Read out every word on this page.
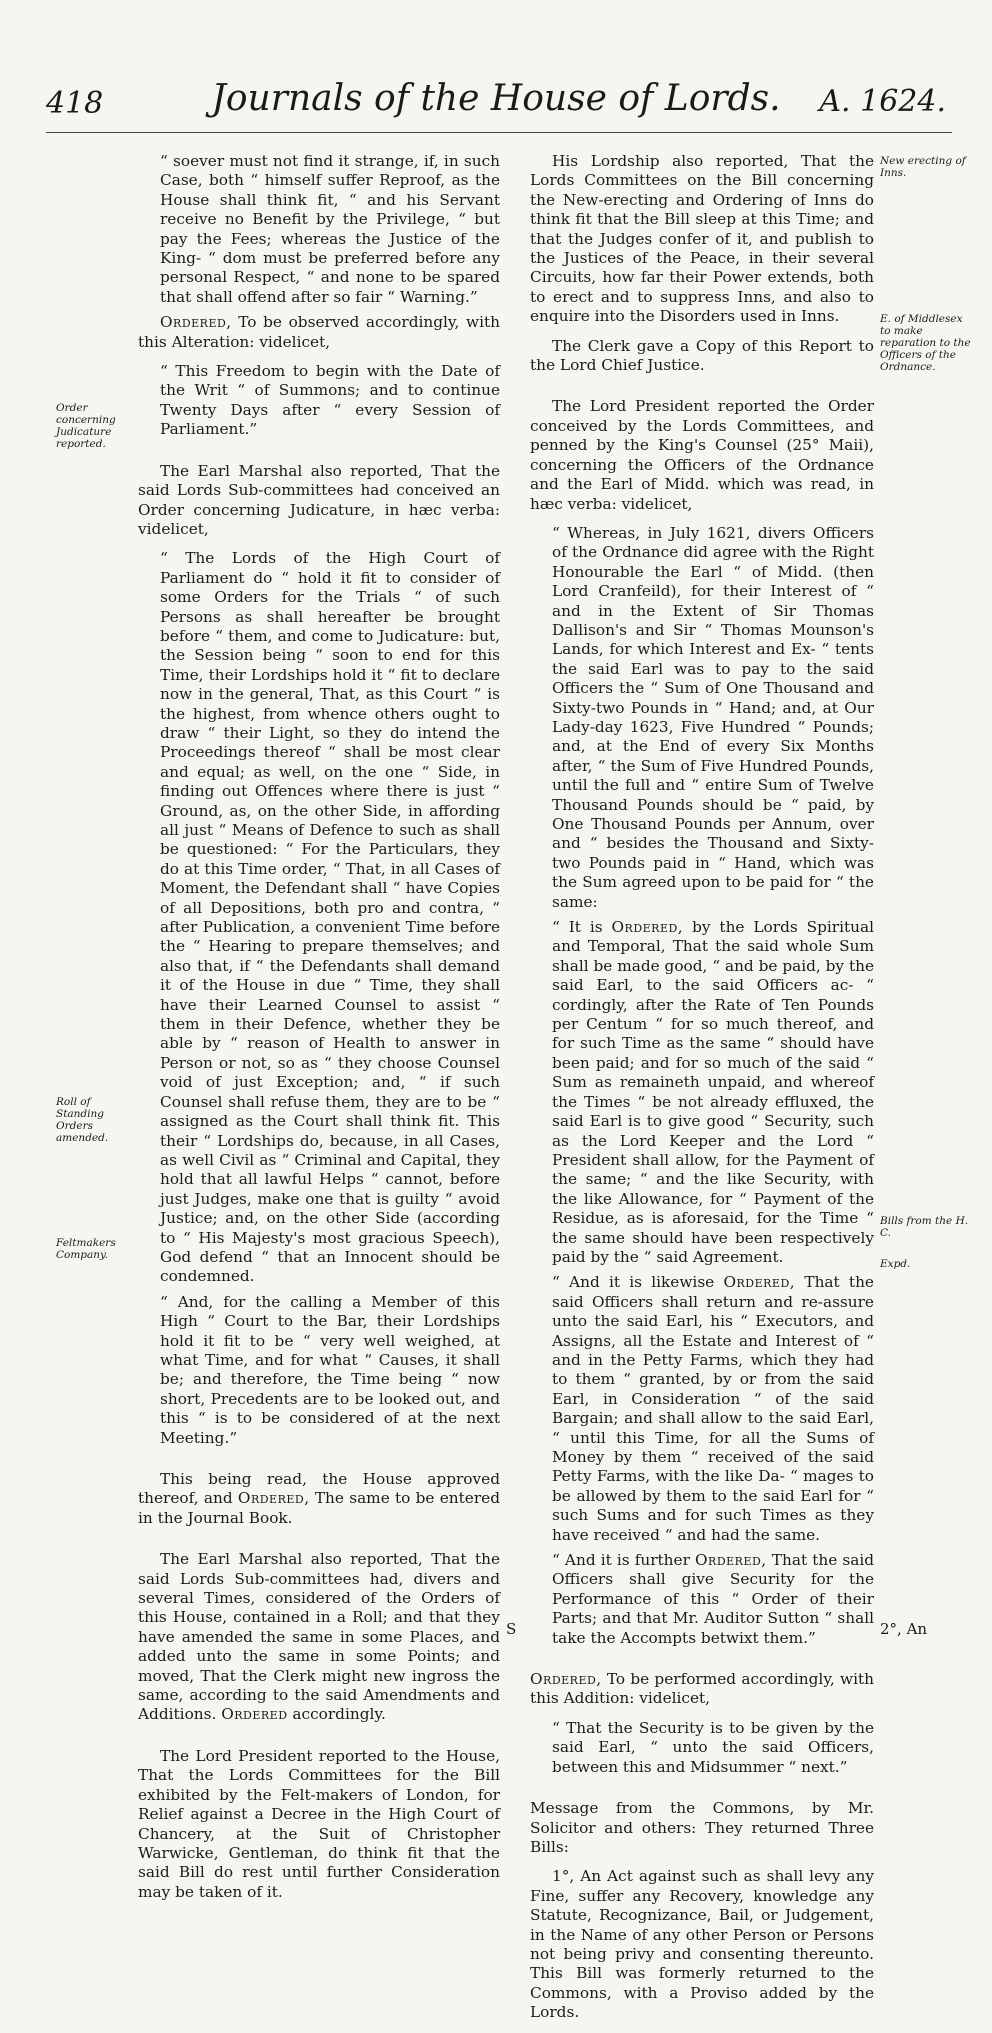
418	Journals of the House of Lords.	A. 1624.

“ soever must not find it strange, if, in such Case, both “ himself suffer Reproof, as the House shall think fit, “ and his Servant receive no Benefit by the Privilege, “ but pay the Fees; whereas the Justice of the King- “ dom must be preferred before any personal Respect, “ and none to be spared that shall offend after so fair “ Warning.”

Ordered, To be observed accordingly, with this Alteration: videlicet,

“ This Freedom to begin with the Date of the Writ “ of Summons; and to continue Twenty Days after “ every Session of Parliament.”

The Earl Marshal also reported, That the said Lords Sub-committees had conceived an Order concerning Judicature, in hæc verba: videlicet,

“ The Lords of the High Court of Parliament do “ hold it fit to consider of some Orders for the Trials “ of such Persons as shall hereafter be brought before “ them, and come to Judicature: but, the Session being “ soon to end for this Time, their Lordships hold it “ fit to declare now in the general, That, as this Court “ is the highest, from whence others ought to draw “ their Light, so they do intend the Proceedings thereof “ shall be most clear and equal; as well, on the one “ Side, in finding out Offences where there is just “ Ground, as, on the other Side, in affording all just “ Means of Defence to such as shall be questioned: “ For the Particulars, they do at this Time order, “ That, in all Cases of Moment, the Defendant shall “ have Copies of all Depositions, both pro and contra, “ after Publication, a convenient Time before the “ Hearing to prepare themselves; and also that, if “ the Defendants shall demand it of the House in due “ Time, they shall have their Learned Counsel to assist “ them in their Defence, whether they be able by “ reason of Health to answer in Person or not, so as “ they choose Counsel void of just Exception; and, “ if such Counsel shall refuse them, they are to be “ assigned as the Court shall think fit. This their “ Lordships do, because, in all Cases, as well Civil as “ Criminal and Capital, they hold that all lawful Helps “ cannot, before just Judges, make one that is guilty “ avoid Justice; and, on the other Side (according to “ His Majesty's most gracious Speech), God defend “ that an Innocent should be condemned.

“ And, for the calling a Member of this High “ Court to the Bar, their Lordships hold it fit to be “ very well weighed, at what Time, and for what “ Causes, it shall be; and therefore, the Time being “ now short, Precedents are to be looked out, and this “ is to be considered of at the next Meeting.”

This being read, the House approved thereof, and Ordered, The same to be entered in the Journal Book.

The Earl Marshal also reported, That the said Lords Sub-committees had, divers and several Times, considered of the Orders of this House, contained in a Roll; and that they have amended the same in some Places, and added unto the same in some Points; and moved, That the Clerk might new ingross the same, according to the said Amendments and Additions. Ordered accordingly.

The Lord President reported to the House, That the Lords Committees for the Bill exhibited by the Felt-makers of London, for Relief against a Decree in the High Court of Chancery, at the Suit of Christopher Warwicke, Gentleman, do think fit that the said Bill do rest until further Consideration may be taken of it.

His Lordship also reported, That the Lords Committees on the Bill concerning the New-erecting and Ordering of Inns do think fit that the Bill sleep at this Time; and that the Judges confer of it, and publish to the Justices of the Peace, in their several Circuits, how far their Power extends, both to erect and to suppress Inns, and also to enquire into the Disorders used in Inns.

The Clerk gave a Copy of this Report to the Lord Chief Justice.

The Lord President reported the Order conceived by the Lords Committees, and penned by the King's Counsel (25° Maii), concerning the Officers of the Ordnance and the Earl of Midd. which was read, in hæc verba: videlicet,

“ Whereas, in July 1621, divers Officers of the Ordnance did agree with the Right Honourable the Earl “ of Midd. (then Lord Cranfeild), for their Interest of “ and in the Extent of Sir Thomas Dallison's and Sir “ Thomas Mounson's Lands, for which Interest and Ex- “ tents the said Earl was to pay to the said Officers the “ Sum of One Thousand and Sixty-two Pounds in “ Hand; and, at Our Lady-day 1623, Five Hundred “ Pounds; and, at the End of every Six Months after, “ the Sum of Five Hundred Pounds, until the full and “ entire Sum of Twelve Thousand Pounds should be “ paid, by One Thousand Pounds per Annum, over and “ besides the Thousand and Sixty-two Pounds paid in “ Hand, which was the Sum agreed upon to be paid for “ the same:

“ It is Ordered, by the Lords Spiritual and Temporal, That the said whole Sum shall be made good, “ and be paid, by the said Earl, to the said Officers ac- “ cordingly, after the Rate of Ten Pounds per Centum “ for so much thereof, and for such Time as the same “ should have been paid; and for so much of the said “ Sum as remaineth unpaid, and whereof the Times “ be not already effluxed, the said Earl is to give good “ Security, such as the Lord Keeper and the Lord “ President shall allow, for the Payment of the same; “ and the like Security, with the like Allowance, for “ Payment of the Residue, as is aforesaid, for the Time “ the same should have been respectively paid by the “ said Agreement.

“ And it is likewise Ordered, That the said Officers shall return and re-assure unto the said Earl, his “ Executors, and Assigns, all the Estate and Interest of “ and in the Petty Farms, which they had to them “ granted, by or from the said Earl, in Consideration “ of the said Bargain; and shall allow to the said Earl, “ until this Time, for all the Sums of Money by them “ received of the said Petty Farms, with the like Da- “ mages to be allowed by them to the said Earl for “ such Sums and for such Times as they have received “ and had the same.

“ And it is further Ordered, That the said Officers shall give Security for the Performance of this “ Order of their Parts; and that Mr. Auditor Sutton “ shall take the Accompts betwixt them.”

Ordered, To be performed accordingly, with this Addition: videlicet,

“ That the Security is to be given by the said Earl, “ unto the said Officers, between this and Midsummer “ next.”

Message from the Commons, by Mr. Solicitor and others: They returned Three Bills:

1°, An Act against such as shall levy any Fine, suffer any Recovery, knowledge any Statute, Recognizance, Bail, or Judgement, in the Name of any other Person or Persons not being privy and consenting thereunto. This Bill was formerly returned to the Commons, with a Proviso added by the Lords.

Order concerning Judicature reported.
Roll of Standing Orders amended.
Feltmakers Company.
New erecting of Inns.
E. of Middlesex to make reparation to the Officers of the Ordnance.
Bills from the H. C.
Expd.
S	2°, An
